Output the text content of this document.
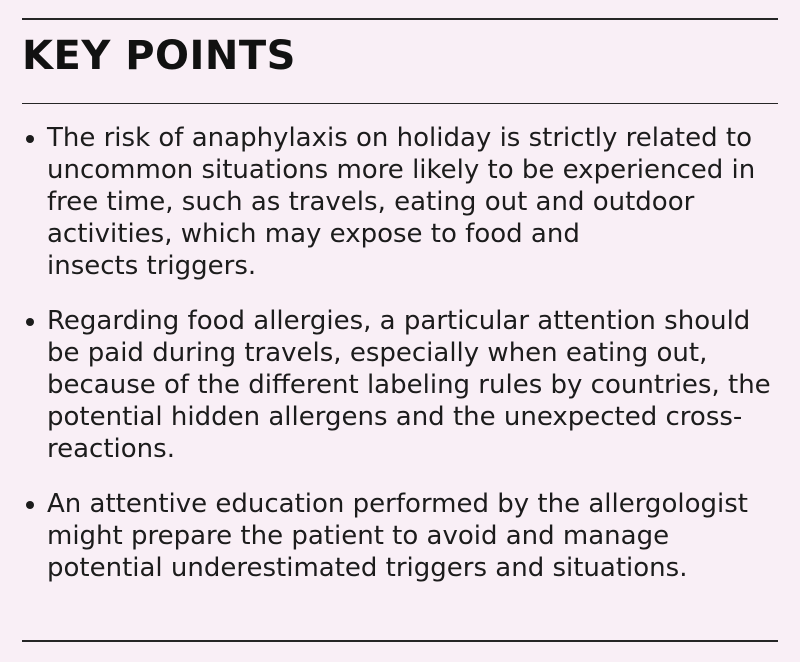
KEY POINTS
The risk of anaphylaxis on holiday is strictly related to
uncommon situations more likely to be experienced in
free time, such as travels, eating out and outdoor
activities, which may expose to food and
insects triggers.
Regarding food allergies, a particular attention should
be paid during travels, especially when eating out,
because of the different labeling rules by countries, the
potential hidden allergens and the unexpected cross-
reactions.
An attentive education performed by the allergologist
might prepare the patient to avoid and manage
potential underestimated triggers and situations.
